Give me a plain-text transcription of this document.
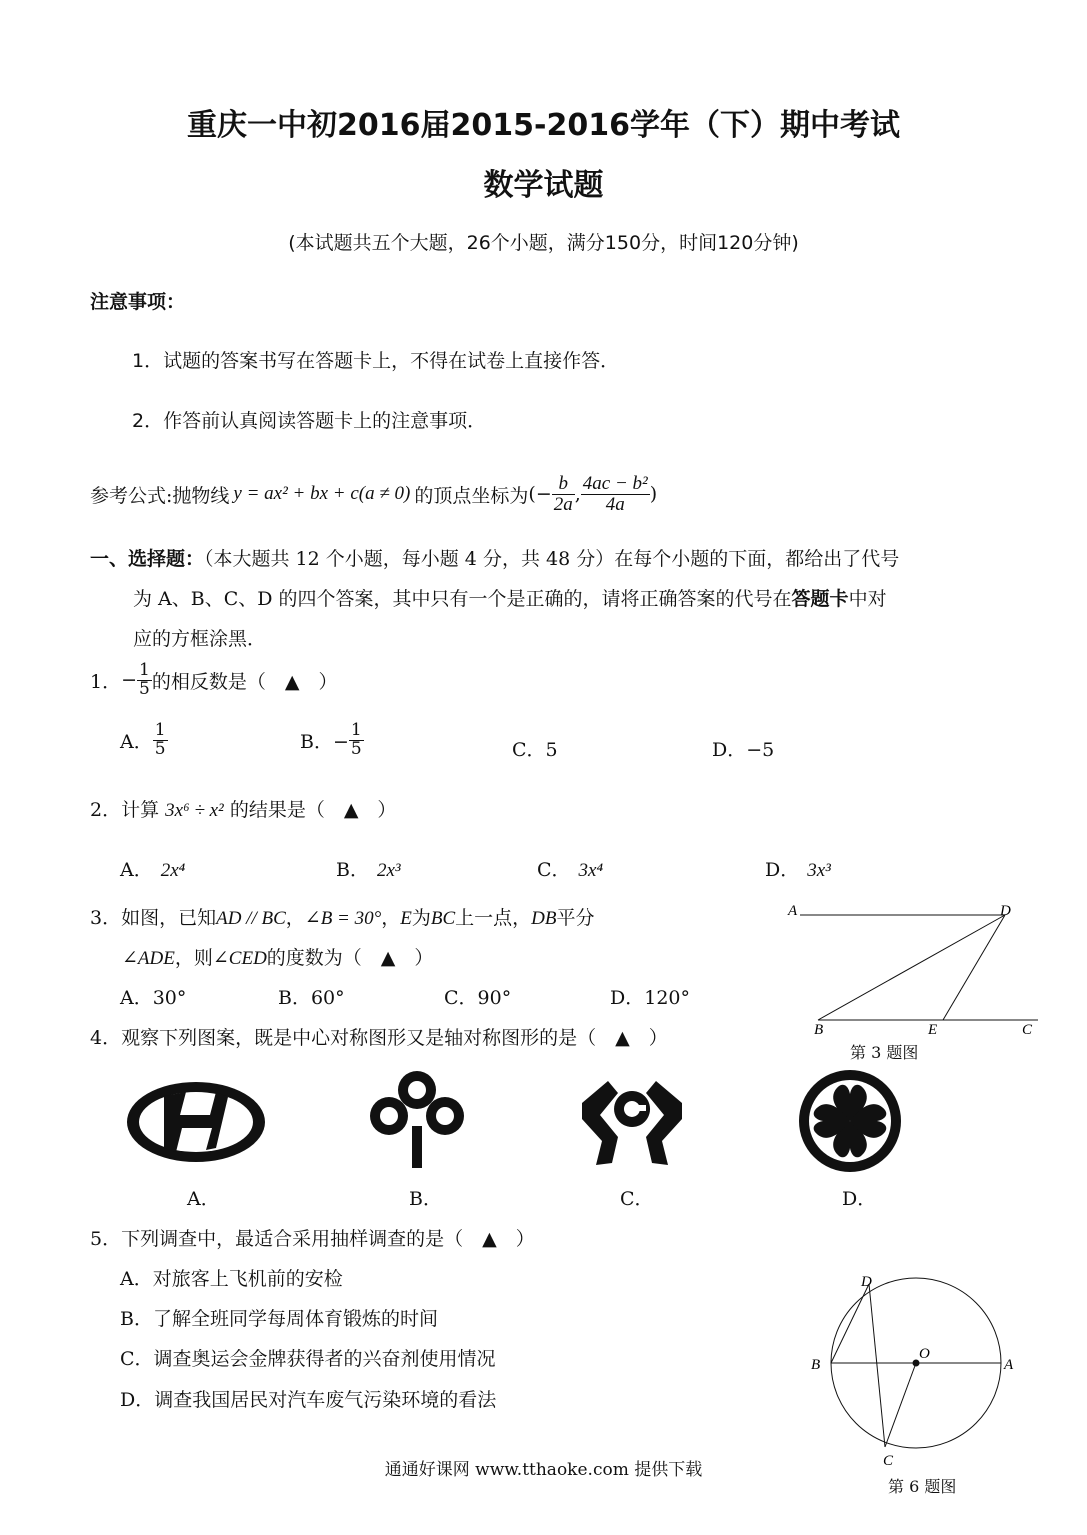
重庆一中初2016届2015-2016学年（下）期中考试
数学试题
(本试题共五个大题，26个小题，满分150分，时间120分钟)
注意事项：
1．试题的答案书写在答题卡上，不得在试卷上直接作答．
2．作答前认真阅读答题卡上的注意事项．
参考公式:抛物线 y = ax² + bx + c(a ≠ 0) 的顶点坐标为 (− $\frac{b}{2a}$ , $\frac{\text{4ac − b²}}{4a}$ )
一、选择题：（本大题共 12 个小题，每小题 4 分，共 48 分）在每个小题的下面，都给出了代号
为 A、B、C、D 的四个答案，其中只有一个是正确的，请将正确答案的代号在答题卡中对
应的方框涂黑．
1． − $\frac{1}{5}$ 的相反数是（　▲　）
A． $\frac{1}{5}$	B．− $\frac{1}{5}$	C．5	D．−5
2．计算 3x⁶ ÷ x² 的结果是（　▲　）
A． 2x⁴	B． 2x³	C． 3x⁴	D． 3x³
3．如图，已知AD // BC，∠B = 30°，E为BC上一点，DB平分
∠ADE，则∠CED的度数为（　▲　）
A．30°	B．60°	C．90°	D．120°
A	D
B	E	C
第 3 题图
4．观察下列图案，既是中心对称图形又是轴对称图形的是（　▲　）
A．	B．	C．	D．
5．下列调查中，最适合采用抽样调查的是（　▲　）
A．对旅客上飞机前的安检
B．了解全班同学每周体育锻炼的时间
C．调查奥运会金牌获得者的兴奋剂使用情况
D．调查我国居民对汽车废气污染环境的看法
D
O
B	A
C
第 6 题图
通通好课网 www.tthaoke.com 提供下载
